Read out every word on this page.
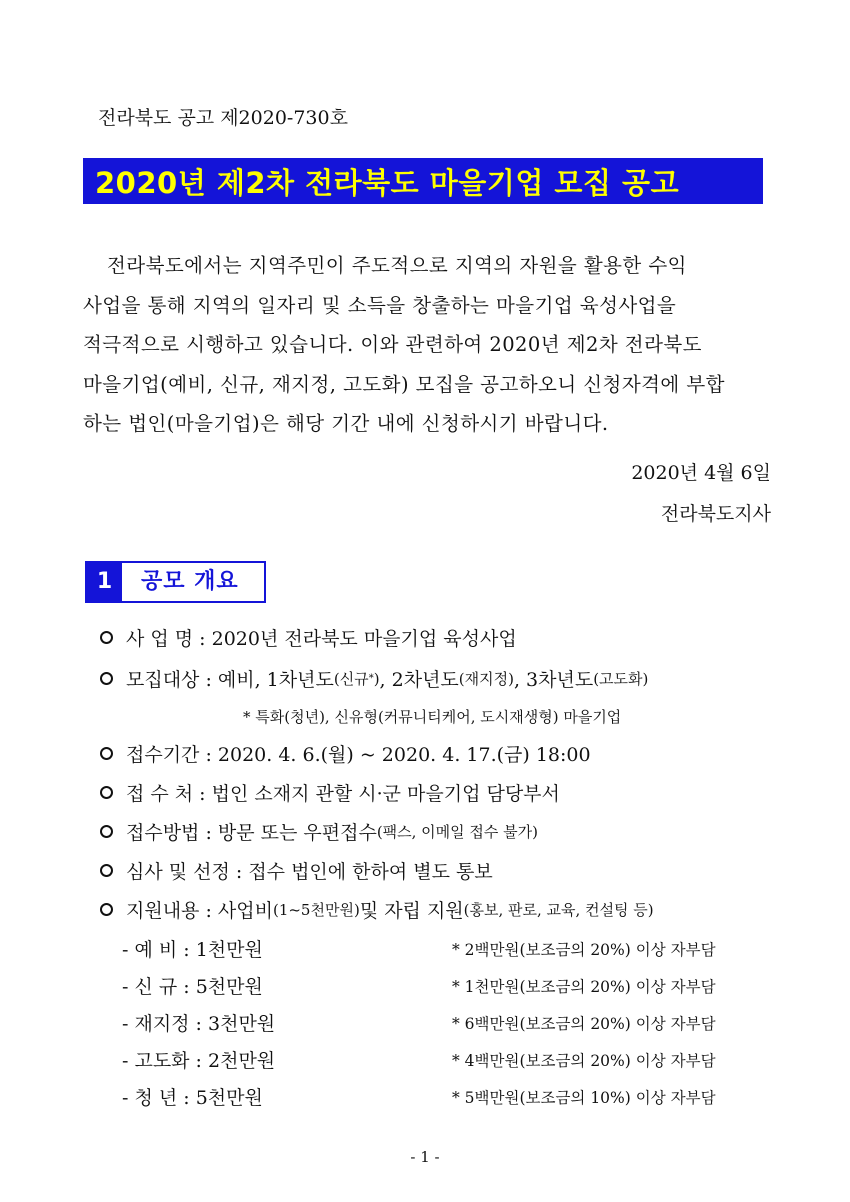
전라북도 공고 제2020-730호
2020년 제2차 전라북도 마을기업 모집 공고
전라북도에서는 지역주민이 주도적으로 지역의 자원을 활용한 수익
사업을 통해 지역의 일자리 및 소득을 창출하는 마을기업 육성사업을
적극적으로 시행하고 있습니다. 이와 관련하여 2020년 제2차 전라북도
마을기업(예비, 신규, 재지정, 고도화) 모집을 공고하오니 신청자격에 부합
하는 법인(마을기업)은 해당 기간 내에 신청하시기 바랍니다.
2020년 4월 6일
전라북도지사
1	공모 개요
사 업 명 : 2020년 전라북도 마을기업 육성사업
모집대상 : 예비, 1차년도 (신규 * ) , 2차년도 (재지정) , 3차년도 (고도화)
* 특화(청년), 신유형(커뮤니티케어, 도시재생형) 마을기업
접수기간 : 2020. 4. 6.(월) ~ 2020. 4. 17.(금) 18:00
접 수 처 : 법인 소재지 관할 시·군 마을기업 담당부서
접수방법 : 방문 또는 우편접수 (팩스, 이메일 접수 불가)
심사 및 선정 : 접수 법인에 한하여 별도 통보
지원내용 : 사업비 (1~5천만원) 및 자립 지원 (홍보, 판로, 교육, 컨설팅 등)
- 예 비 : 1천만원	* 2백만원(보조금의 20%) 이상 자부담
- 신 규 : 5천만원	* 1천만원(보조금의 20%) 이상 자부담
- 재지정 : 3천만원	* 6백만원(보조금의 20%) 이상 자부담
- 고도화 : 2천만원	* 4백만원(보조금의 20%) 이상 자부담
- 청 년 : 5천만원	* 5백만원(보조금의 10%) 이상 자부담
- 1 -
